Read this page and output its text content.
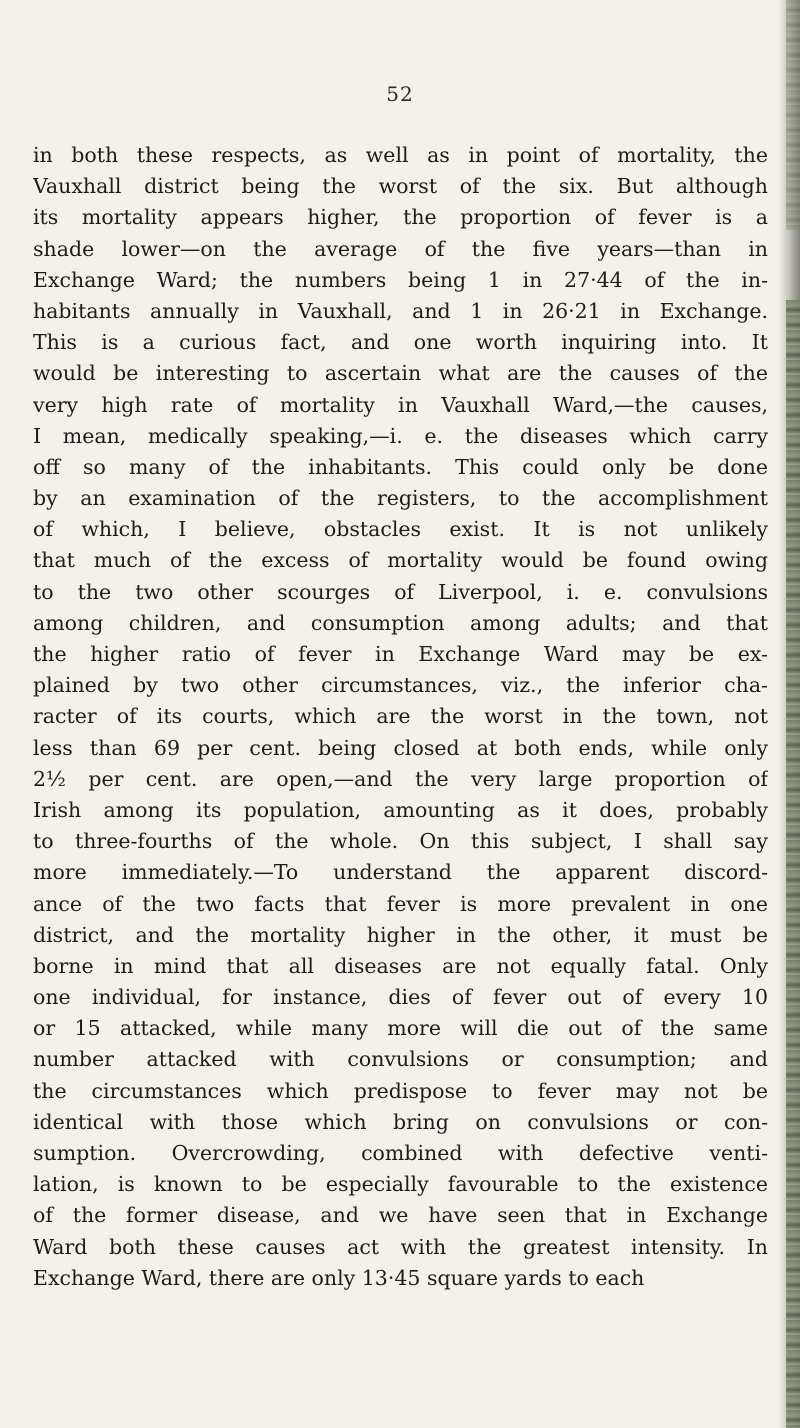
52
in both these respects, as well as in point of mortality, the
Vauxhall district being the worst of the six. But although
its mortality appears higher, the proportion of fever is a
shade lower—on the average of the five years—than in
Exchange Ward; the numbers being 1 in 27·44 of the in-
habitants annually in Vauxhall, and 1 in 26·21 in Exchange.
This is a curious fact, and one worth inquiring into. It
would be interesting to ascertain what are the causes of the
very high rate of mortality in Vauxhall Ward,—the causes,
I mean, medically speaking,—i. e. the diseases which carry
off so many of the inhabitants. This could only be done
by an examination of the registers, to the accomplishment
of which, I believe, obstacles exist. It is not unlikely
that much of the excess of mortality would be found owing
to the two other scourges of Liverpool, i. e. convulsions
among children, and consumption among adults; and that
the higher ratio of fever in Exchange Ward may be ex-
plained by two other circumstances, viz., the inferior cha-
racter of its courts, which are the worst in the town, not
less than 69 per cent. being closed at both ends, while only
2½ per cent. are open,—and the very large proportion of
Irish among its population, amounting as it does, probably
to three-fourths of the whole. On this subject, I shall say
more immediately.—To understand the apparent discord-
ance of the two facts that fever is more prevalent in one
district, and the mortality higher in the other, it must be
borne in mind that all diseases are not equally fatal. Only
one individual, for instance, dies of fever out of every 10
or 15 attacked, while many more will die out of the same
number attacked with convulsions or consumption; and
the circumstances which predispose to fever may not be
identical with those which bring on convulsions or con-
sumption. Overcrowding, combined with defective venti-
lation, is known to be especially favourable to the existence
of the former disease, and we have seen that in Exchange
Ward both these causes act with the greatest intensity. In
Exchange Ward, there are only 13·45 square yards to each
